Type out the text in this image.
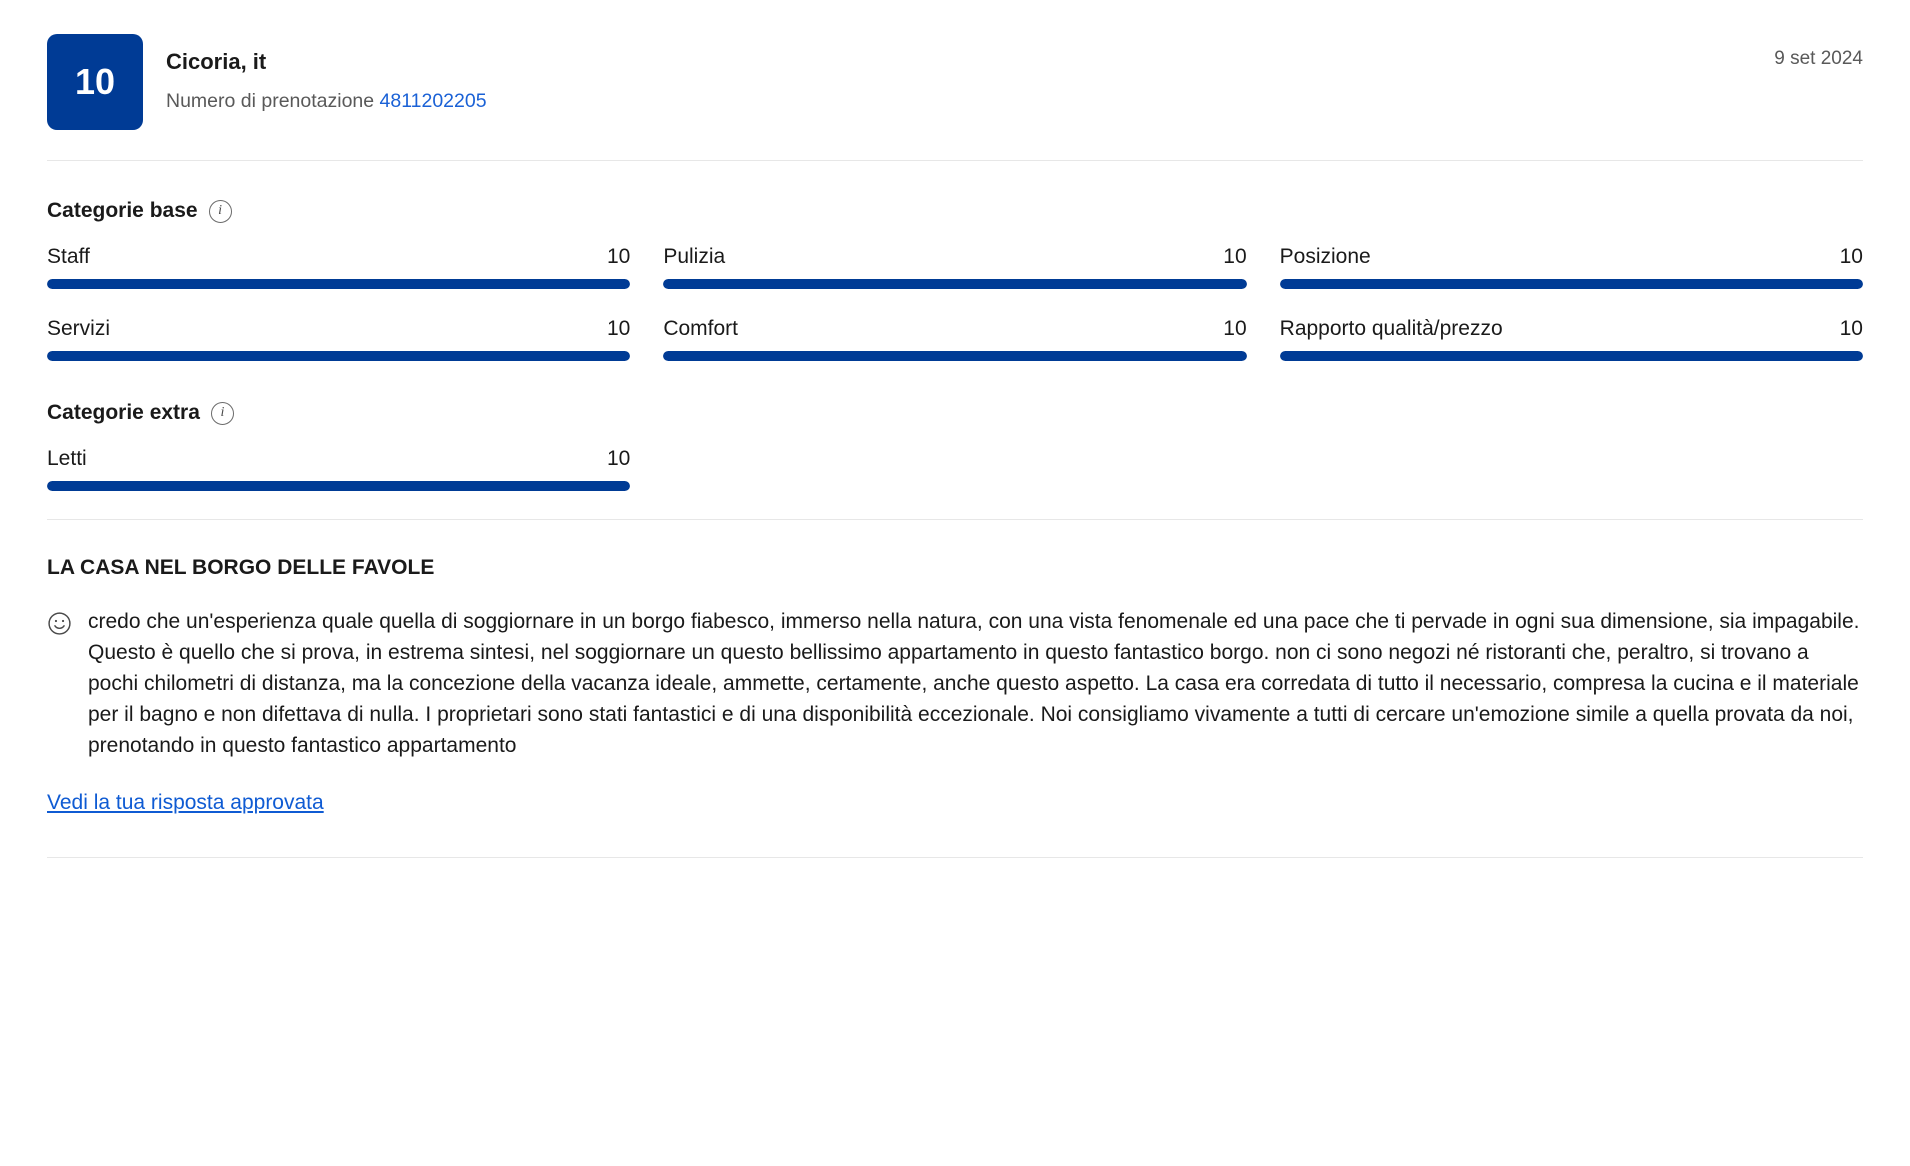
10	Cicoria, it
Numero di prenotazione 4811202205
9 set 2024
Categorie base	i
Staff	10 Pulizia	10 Posizione	10
Servizi	10 Comfort	10 Rapporto qualità/prezzo	10
Categorie extra	i
Letti	10
LA CASA NEL BORGO DELLE FAVOLE
credo che un'esperienza quale quella di soggiornare in un borgo fiabesco, immerso nella natura, con una vista fenomenale ed una pace che ti pervade in ogni sua dimensione, sia impagabile. Questo è quello che si prova, in estrema sintesi, nel soggiornare un questo bellissimo appartamento in questo fantastico borgo. non ci sono negozi né ristoranti che, peraltro, si trovano a pochi chilometri di distanza, ma la concezione della vacanza ideale, ammette, certamente, anche questo aspetto. La casa era corredata di tutto il necessario, compresa la cucina e il materiale per il bagno e non difettava di nulla. I proprietari sono stati fantastici e di una disponibilità eccezionale. Noi consigliamo vivamente a tutti di cercare un'emozione simile a quella provata da noi, prenotando in questo fantastico appartamento
Vedi la tua risposta approvata
